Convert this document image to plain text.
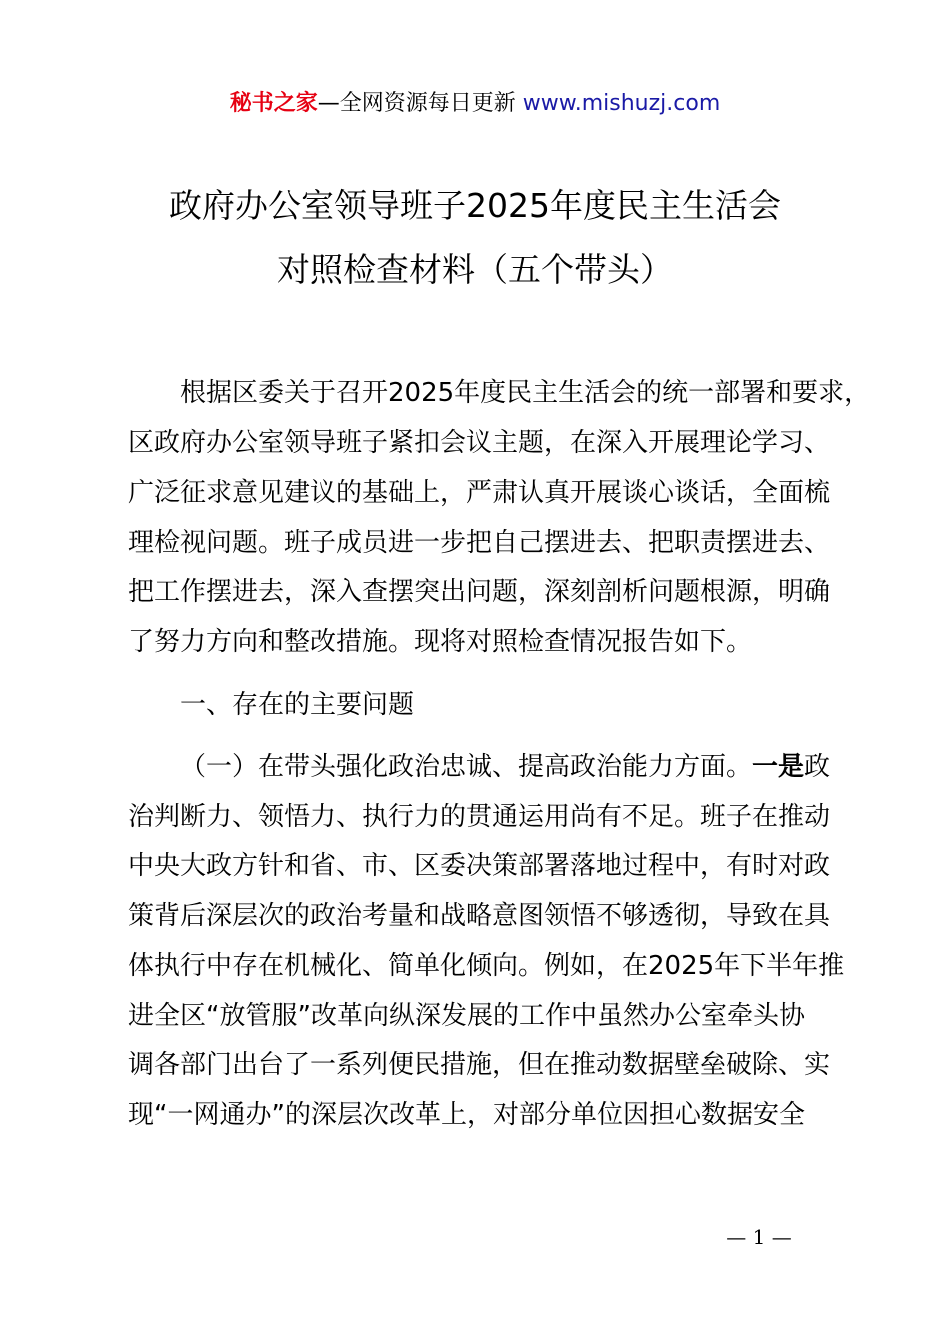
秘书之家—全网资源每日更新 www.mishuzj.com
政府办公室领导班子2025年度民主生活会
对照检查材料（五个带头）
根据区委关于召开2025年度民主生活会的统一部署和要求，
区政府办公室领导班子紧扣会议主题，在深入开展理论学习、
广泛征求意见建议的基础上，严肃认真开展谈心谈话，全面梳
理检视问题。班子成员进一步把自己摆进去、把职责摆进去、
把工作摆进去，深入查摆突出问题，深刻剖析问题根源，明确
了努力方向和整改措施。现将对照检查情况报告如下。
一、存在的主要问题
（一）在带头强化政治忠诚、提高政治能力方面。一是政
治判断力、领悟力、执行力的贯通运用尚有不足。班子在推动
中央大政方针和省、市、区委决策部署落地过程中，有时对政
策背后深层次的政治考量和战略意图领悟不够透彻，导致在具
体执行中存在机械化、简单化倾向。例如，在2025年下半年推
进全区“放管服”改革向纵深发展的工作中虽然办公室牵头协
调各部门出台了一系列便民措施，但在推动数据壁垒破除、实
现“一网通办”的深层次改革上，对部分单位因担心数据安全
— 1 —
